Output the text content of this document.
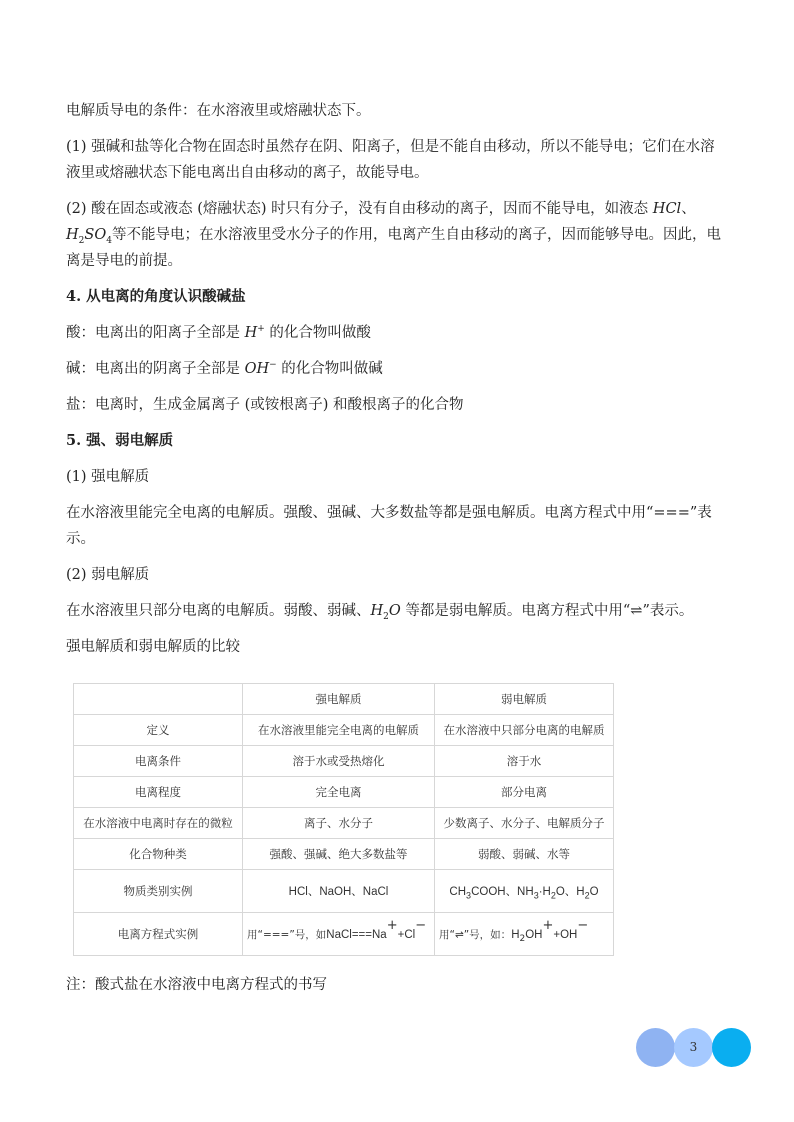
电解质导电的条件：在水溶液里或熔融状态下。

(1) 强碱和盐等化合物在固态时虽然存在阴、阳离子，但是不能自由移动，所以不能导电；它们在水溶液里或熔融状态下能电离出自由移动的离子，故能导电。

(2) 酸在固态或液态 (熔融状态) 时只有分子，没有自由移动的离子，因而不能导电，如液态 HCl、$H_2SO_4$等不能导电；在水溶液里受水分子的作用，电离产生自由移动的离子，因而能够导电。因此，电离是导电的前提。

4. 从电离的角度认识酸碱盐

酸：电离出的阳离子全部是 H+ 的化合物叫做酸

碱：电离出的阴离子全部是 OH− 的化合物叫做碱

盐：电离时，生成金属离子 (或铵根离子) 和酸根离子的化合物

5. 强、弱电解质

(1) 强电解质

在水溶液里能完全电离的电解质。强酸、强碱、大多数盐等都是强电解质。电离方程式中用“===”表示。

(2) 弱电解质

在水溶液里只部分电离的电解质。弱酸、弱碱、$H_2O$ 等都是弱电解质。电离方程式中用“⇌”表示。

强电解质和弱电解质的比较

	强电解质	弱电解质
定义	在水溶液里能完全电离的电解质	在水溶液中只部分电离的电解质
电离条件	溶于水或受热熔化	溶于水
电离程度	完全电离	部分电离
在水溶液中电离时存在的微粒	离子、水分子	少数离子、水分子、电解质分子
化合物种类	强酸、强碱、绝大多数盐等	弱酸、弱碱、水等
物质类别实例	HCl、NaOH、NaCl	$CH_3COOH$、$NH_3\cdot H_2O$、$H_2O$
电离方程式实例	用“===”号，如NaCl===Na++Cl−	用“⇌”号，如：$H_2OH^++OH^-$

注：酸式盐在水溶液中电离方程式的书写

3
